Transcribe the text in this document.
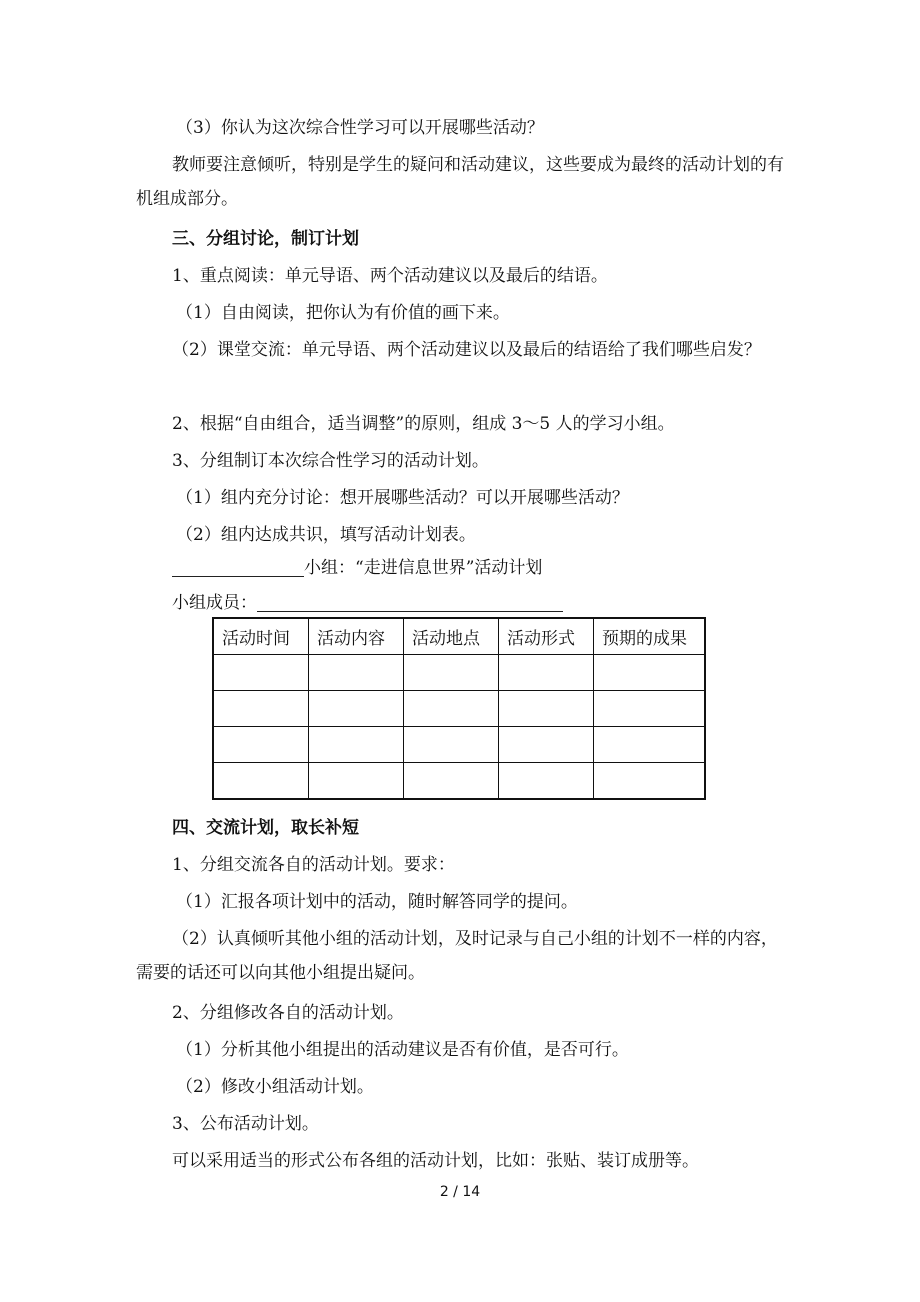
（3）你认为这次综合性学习可以开展哪些活动？

教师要注意倾听，特别是学生的疑问和活动建议，这些要成为最终的活动计划的有机组成部分。

三、分组讨论，制订计划

1、重点阅读：单元导语、两个活动建议以及最后的结语。

（1）自由阅读，把你认为有价值的画下来。

（2）课堂交流：单元导语、两个活动建议以及最后的结语给了我们哪些启发？

2、根据“自由组合，适当调整”的原则，组成 3～5 人的学习小组。

3、分组制订本次综合性学习的活动计划。

（1）组内充分讨论：想开展哪些活动？可以开展哪些活动？

（2）组内达成共识，填写活动计划表。

小组：“走进信息世界”活动计划

小组成员：

活动时间	活动内容	活动地点	活动形式	预期的成果

四、交流计划，取长补短

1、分组交流各自的活动计划。要求：

（1）汇报各项计划中的活动，随时解答同学的提问。

（2）认真倾听其他小组的活动计划，及时记录与自己小组的计划不一样的内容，需要的话还可以向其他小组提出疑问。

2、分组修改各自的活动计划。

（1）分析其他小组提出的活动建议是否有价值，是否可行。

（2）修改小组活动计划。

3、公布活动计划。

可以采用适当的形式公布各组的活动计划，比如：张贴、装订成册等。

2 / 14
